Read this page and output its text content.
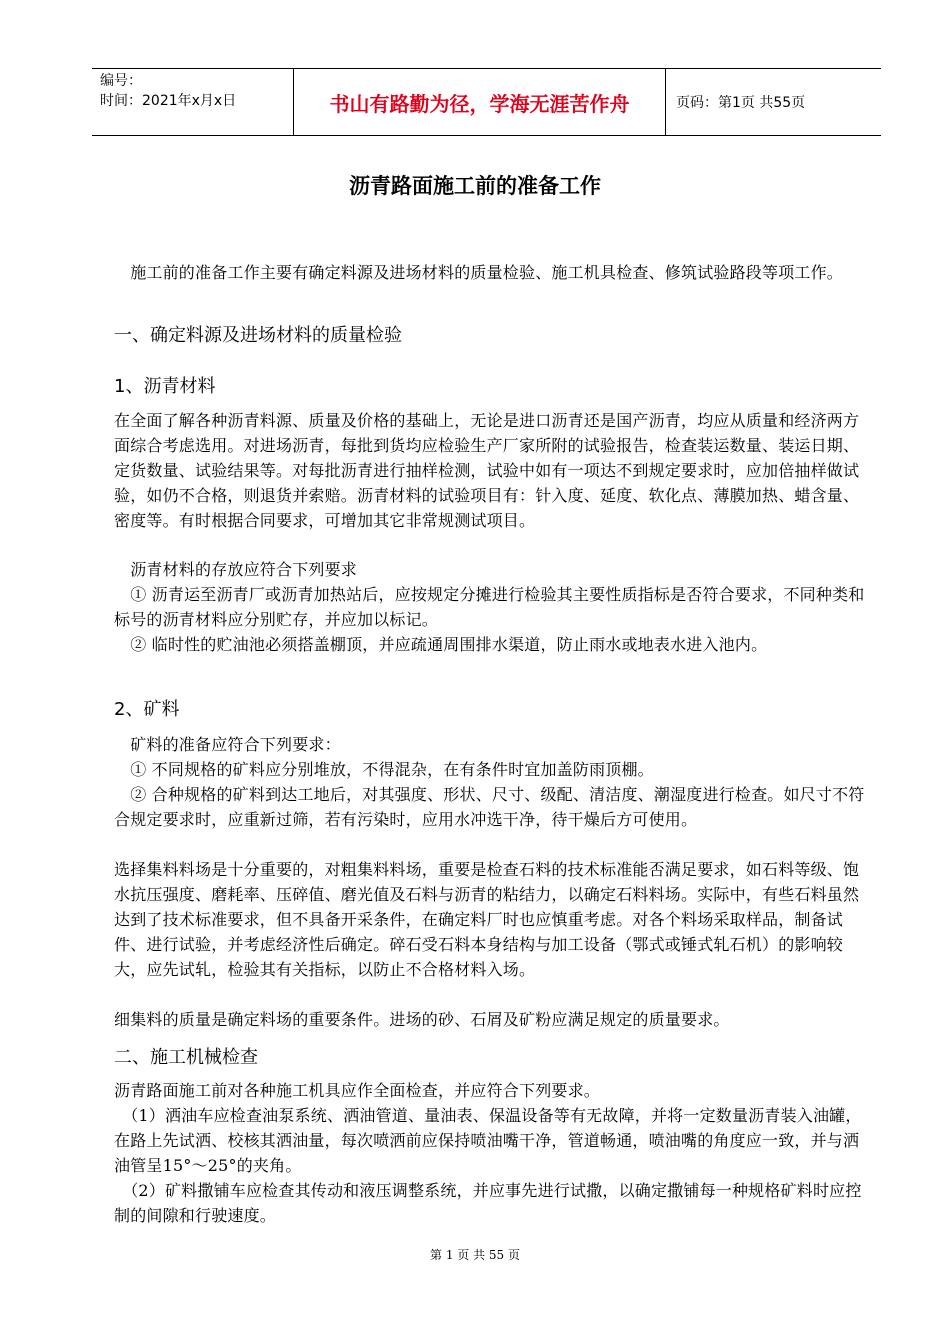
编号：
时间：2021年x月x日	书山有路勤为径，学海无涯苦作舟	页码：第1页 共55页
沥青路面施工前的准备工作
　施工前的准备工作主要有确定料源及进场材料的质量检验、施工机具检查、修筑试验路段等项工作。
一、确定料源及进场材料的质量检验
1、沥青材料
在全面了解各种沥青料源、质量及价格的基础上，无论是进口沥青还是国产沥青，均应从质量和经济两方面综合考虑选用。对进场沥青，每批到货均应检验生产厂家所附的试验报告，检查装运数量、装运日期、定货数量、试验结果等。对每批沥青进行抽样检测，试验中如有一项达不到规定要求时，应加倍抽样做试验，如仍不合格，则退货并索赔。沥青材料的试验项目有：针入度、延度、软化点、薄膜加热、蜡含量、密度等。有时根据合同要求，可增加其它非常规测试项目。
　沥青材料的存放应符合下列要求
　① 沥青运至沥青厂或沥青加热站后，应按规定分摊进行检验其主要性质指标是否符合要求，不同种类和标号的沥青材料应分别贮存，并应加以标记。
　② 临时性的贮油池必须搭盖棚顶，并应疏通周围排水渠道，防止雨水或地表水进入池内。
2、矿料
　矿料的准备应符合下列要求：
　① 不同规格的矿料应分别堆放，不得混杂，在有条件时宜加盖防雨顶棚。
　② 合种规格的矿料到达工地后，对其强度、形状、尺寸、级配、清洁度、潮湿度进行检查。如尺寸不符合规定要求时，应重新过筛，若有污染时，应用水冲选干净，待干燥后方可使用。
选择集料料场是十分重要的，对粗集料料场，重要是检查石料的技术标准能否满足要求，如石料等级、饱水抗压强度、磨耗率、压碎值、磨光值及石料与沥青的粘结力，以确定石料料场。实际中，有些石料虽然达到了技术标准要求，但不具备开采条件，在确定料厂时也应慎重考虑。对各个料场采取样品，制备试件、进行试验，并考虑经济性后确定。碎石受石料本身结构与加工设备（鄂式或锤式轧石机）的影响较大，应先试轧，检验其有关指标，以防止不合格材料入场。
细集料的质量是确定料场的重要条件。进场的砂、石屑及矿粉应满足规定的质量要求。
二、施工机械检查
沥青路面施工前对各种施工机具应作全面检查，并应符合下列要求。
　（1）洒油车应检查油泵系统、洒油管道、量油表、保温设备等有无故障，并将一定数量沥青装入油罐，在路上先试洒、校核其洒油量，每次喷洒前应保持喷油嘴干净，管道畅通，喷油嘴的角度应一致，并与洒油管呈15°～25°的夹角。
　（2）矿料撒铺车应检查其传动和液压调整系统，并应事先进行试撒，以确定撒铺每一种规格矿料时应控制的间隙和行驶速度。
第 1 页 共 55 页
